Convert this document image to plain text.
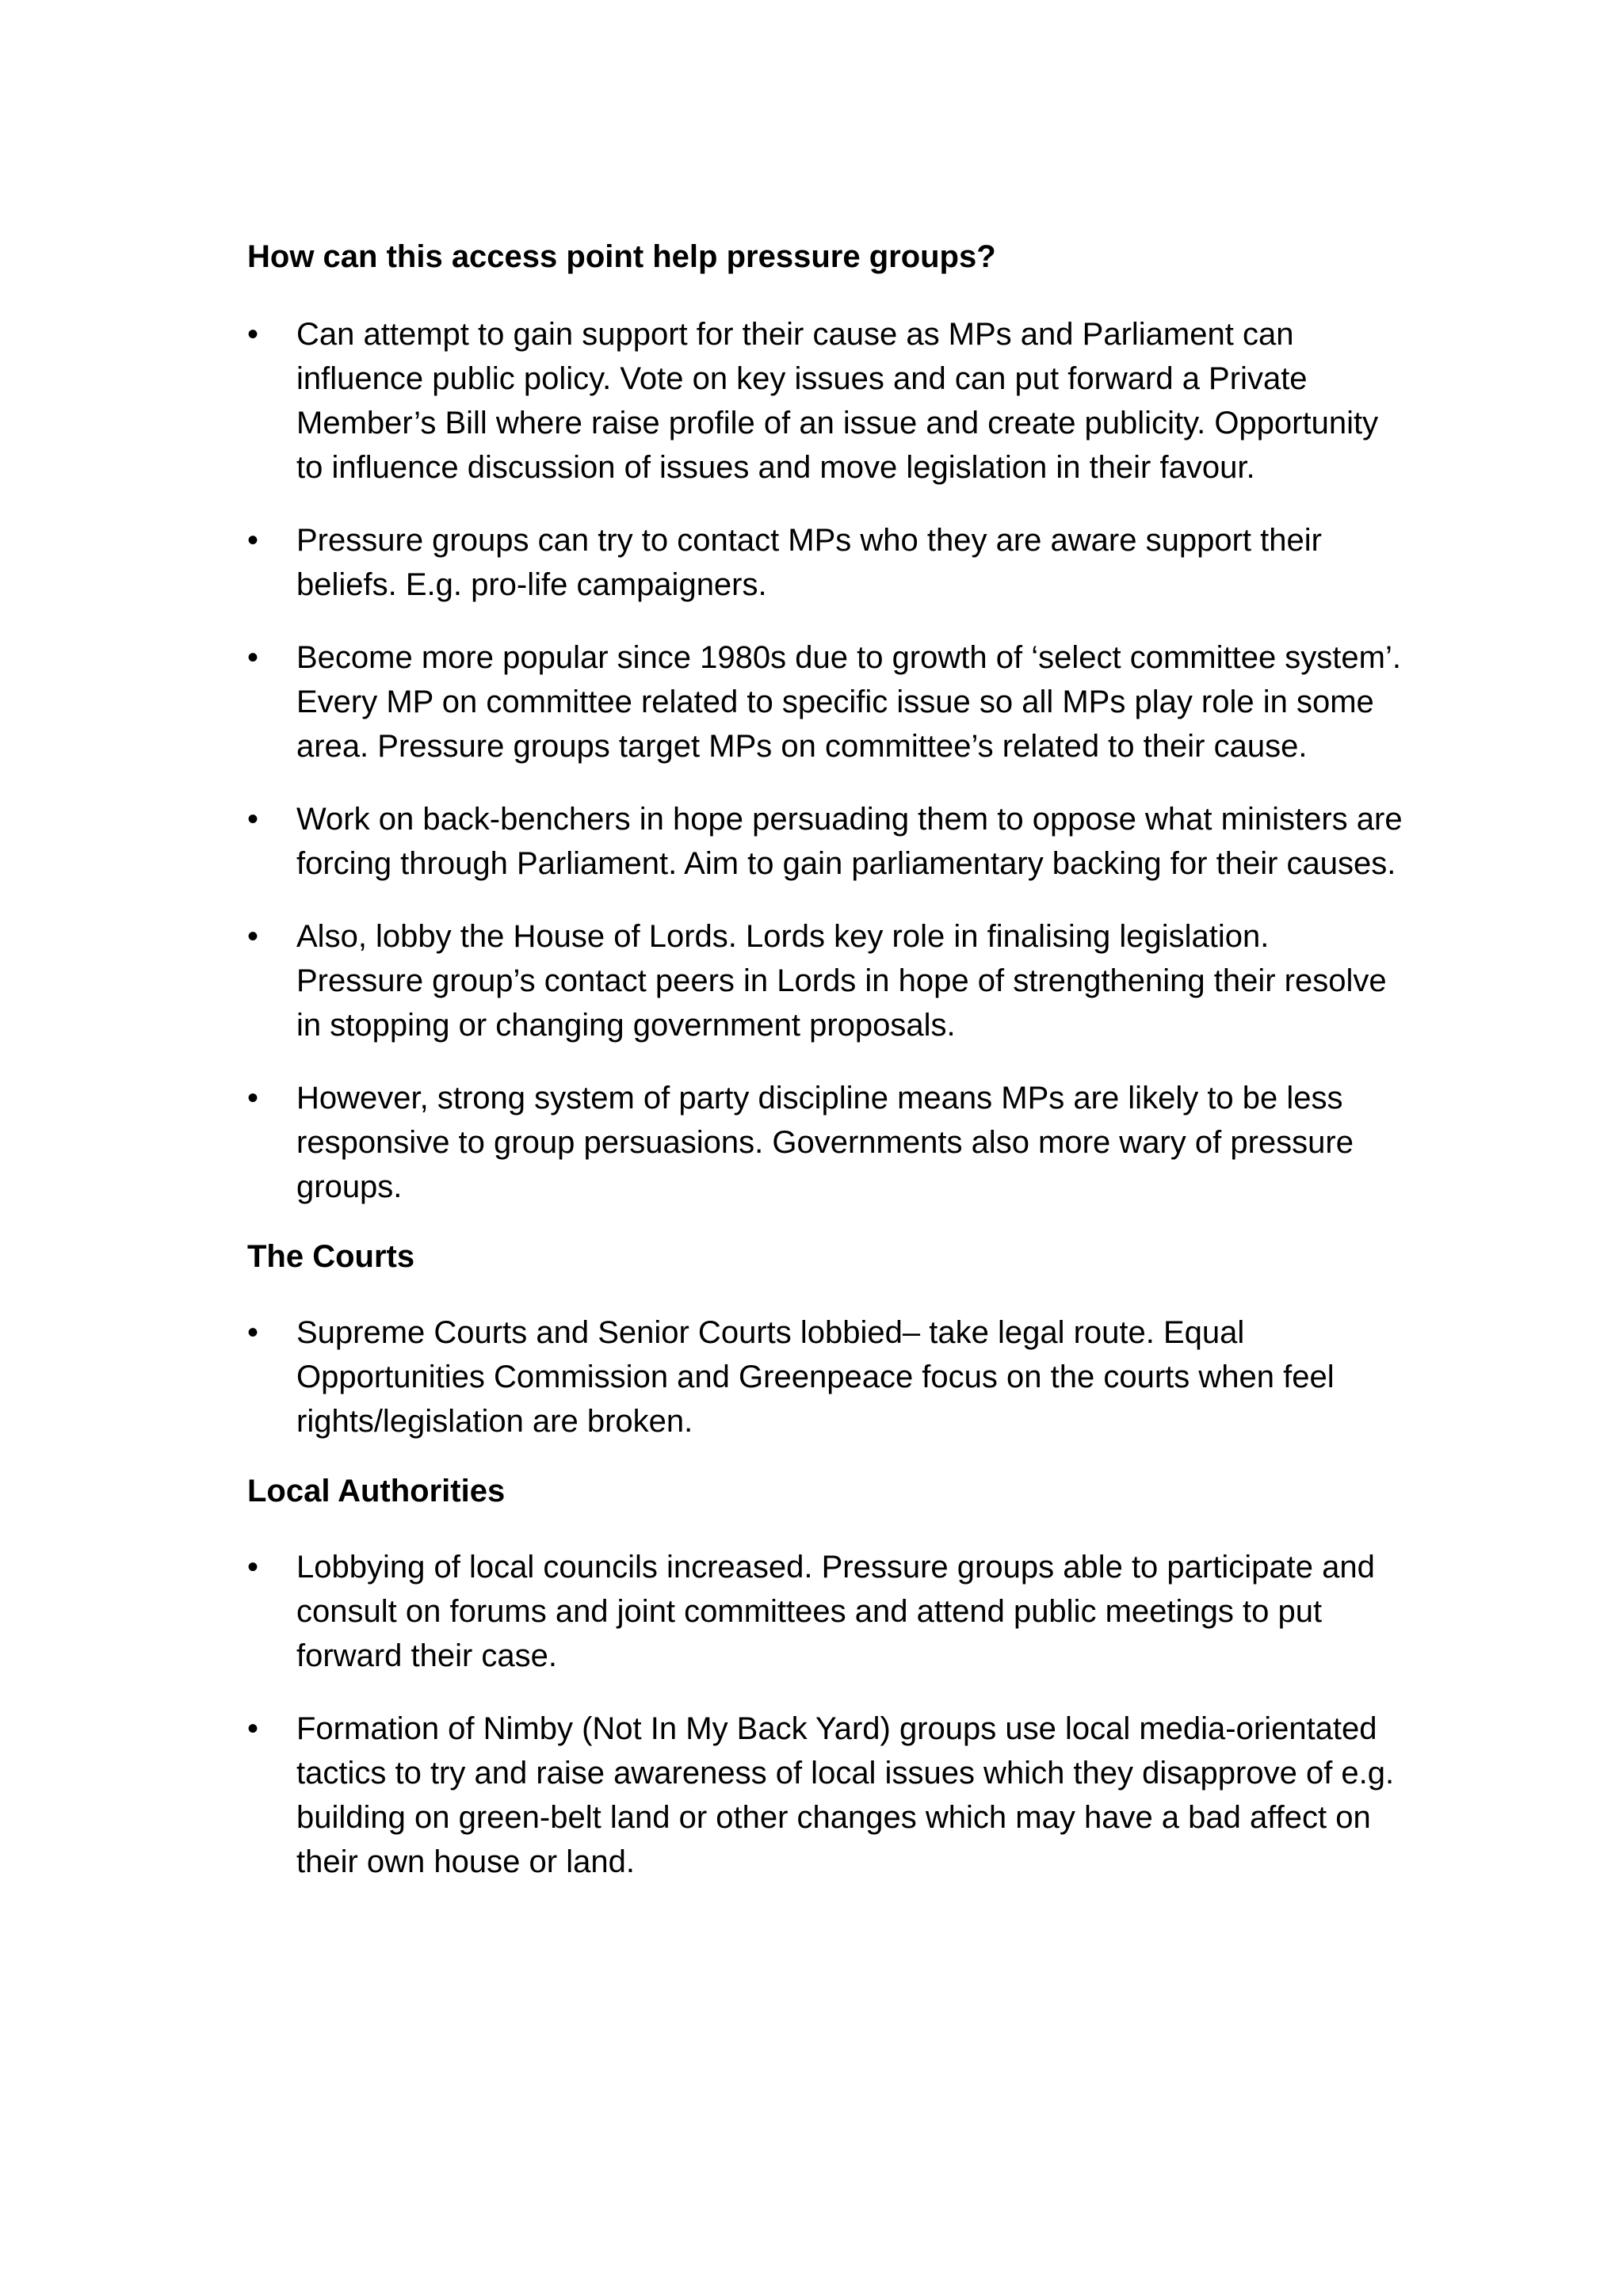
How can this access point help pressure groups?
•	Can attempt to gain support for their cause as MPs and Parliament can influence public policy. Vote on key issues and can put forward a Private Member’s Bill where raise profile of an issue and create publicity. Opportunity to influence discussion of issues and move legislation in their favour.
•	Pressure groups can try to contact MPs who they are aware support their beliefs. E.g. pro-life campaigners.
•	Become more popular since 1980s due to growth of ‘select committee system’. Every MP on committee related to specific issue so all MPs play role in some area. Pressure groups target MPs on committee’s related to their cause.
•	Work on back-benchers in hope persuading them to oppose what ministers are forcing through Parliament. Aim to gain parliamentary backing for their causes.
•	Also, lobby the House of Lords. Lords key role in finalising legislation. Pressure group’s contact peers in Lords in hope of strengthening their resolve in stopping or changing government proposals.
•	However, strong system of party discipline means MPs are likely to be less responsive to group persuasions. Governments also more wary of pressure groups.
The Courts
•	Supreme Courts and Senior Courts lobbied– take legal route. Equal Opportunities Commission and Greenpeace focus on the courts when feel rights/legislation are broken.
Local Authorities
•	Lobbying of local councils increased. Pressure groups able to participate and consult on forums and joint committees and attend public meetings to put forward their case.
•	Formation of Nimby (Not In My Back Yard) groups use local media-orientated tactics to try and raise awareness of local issues which they disapprove of e.g. building on green-belt land or other changes which may have a bad affect on their own house or land.
